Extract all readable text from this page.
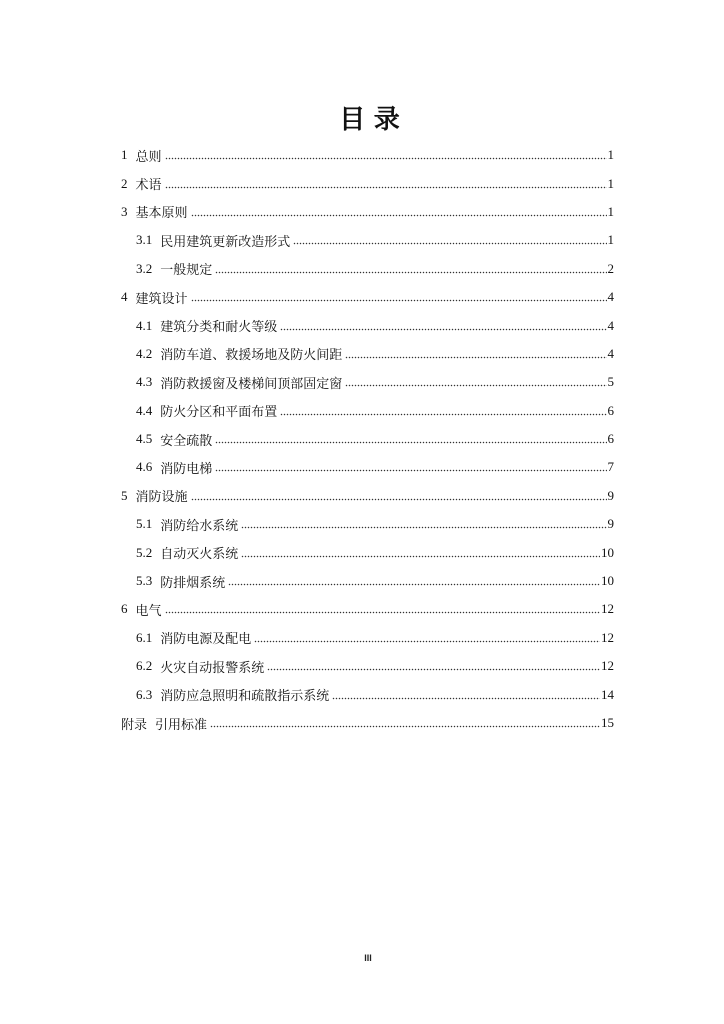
目 录
1 总则	1
2 术语	1
3 基本原则	1
3.1 民用建筑更新改造形式	1
3.2 一般规定	2
4 建筑设计	4
4.1 建筑分类和耐火等级	4
4.2 消防车道、救援场地及防火间距	4
4.3 消防救援窗及楼梯间顶部固定窗	5
4.4 防火分区和平面布置	6
4.5 安全疏散	6
4.6 消防电梯	7
5 消防设施	9
5.1 消防给水系统	9
5.2 自动灭火系统	10
5.3 防排烟系统	10
6 电气	12
6.1 消防电源及配电	12
6.2 火灾自动报警系统	12
6.3 消防应急照明和疏散指示系统	14
附录 引用标准	15
III
